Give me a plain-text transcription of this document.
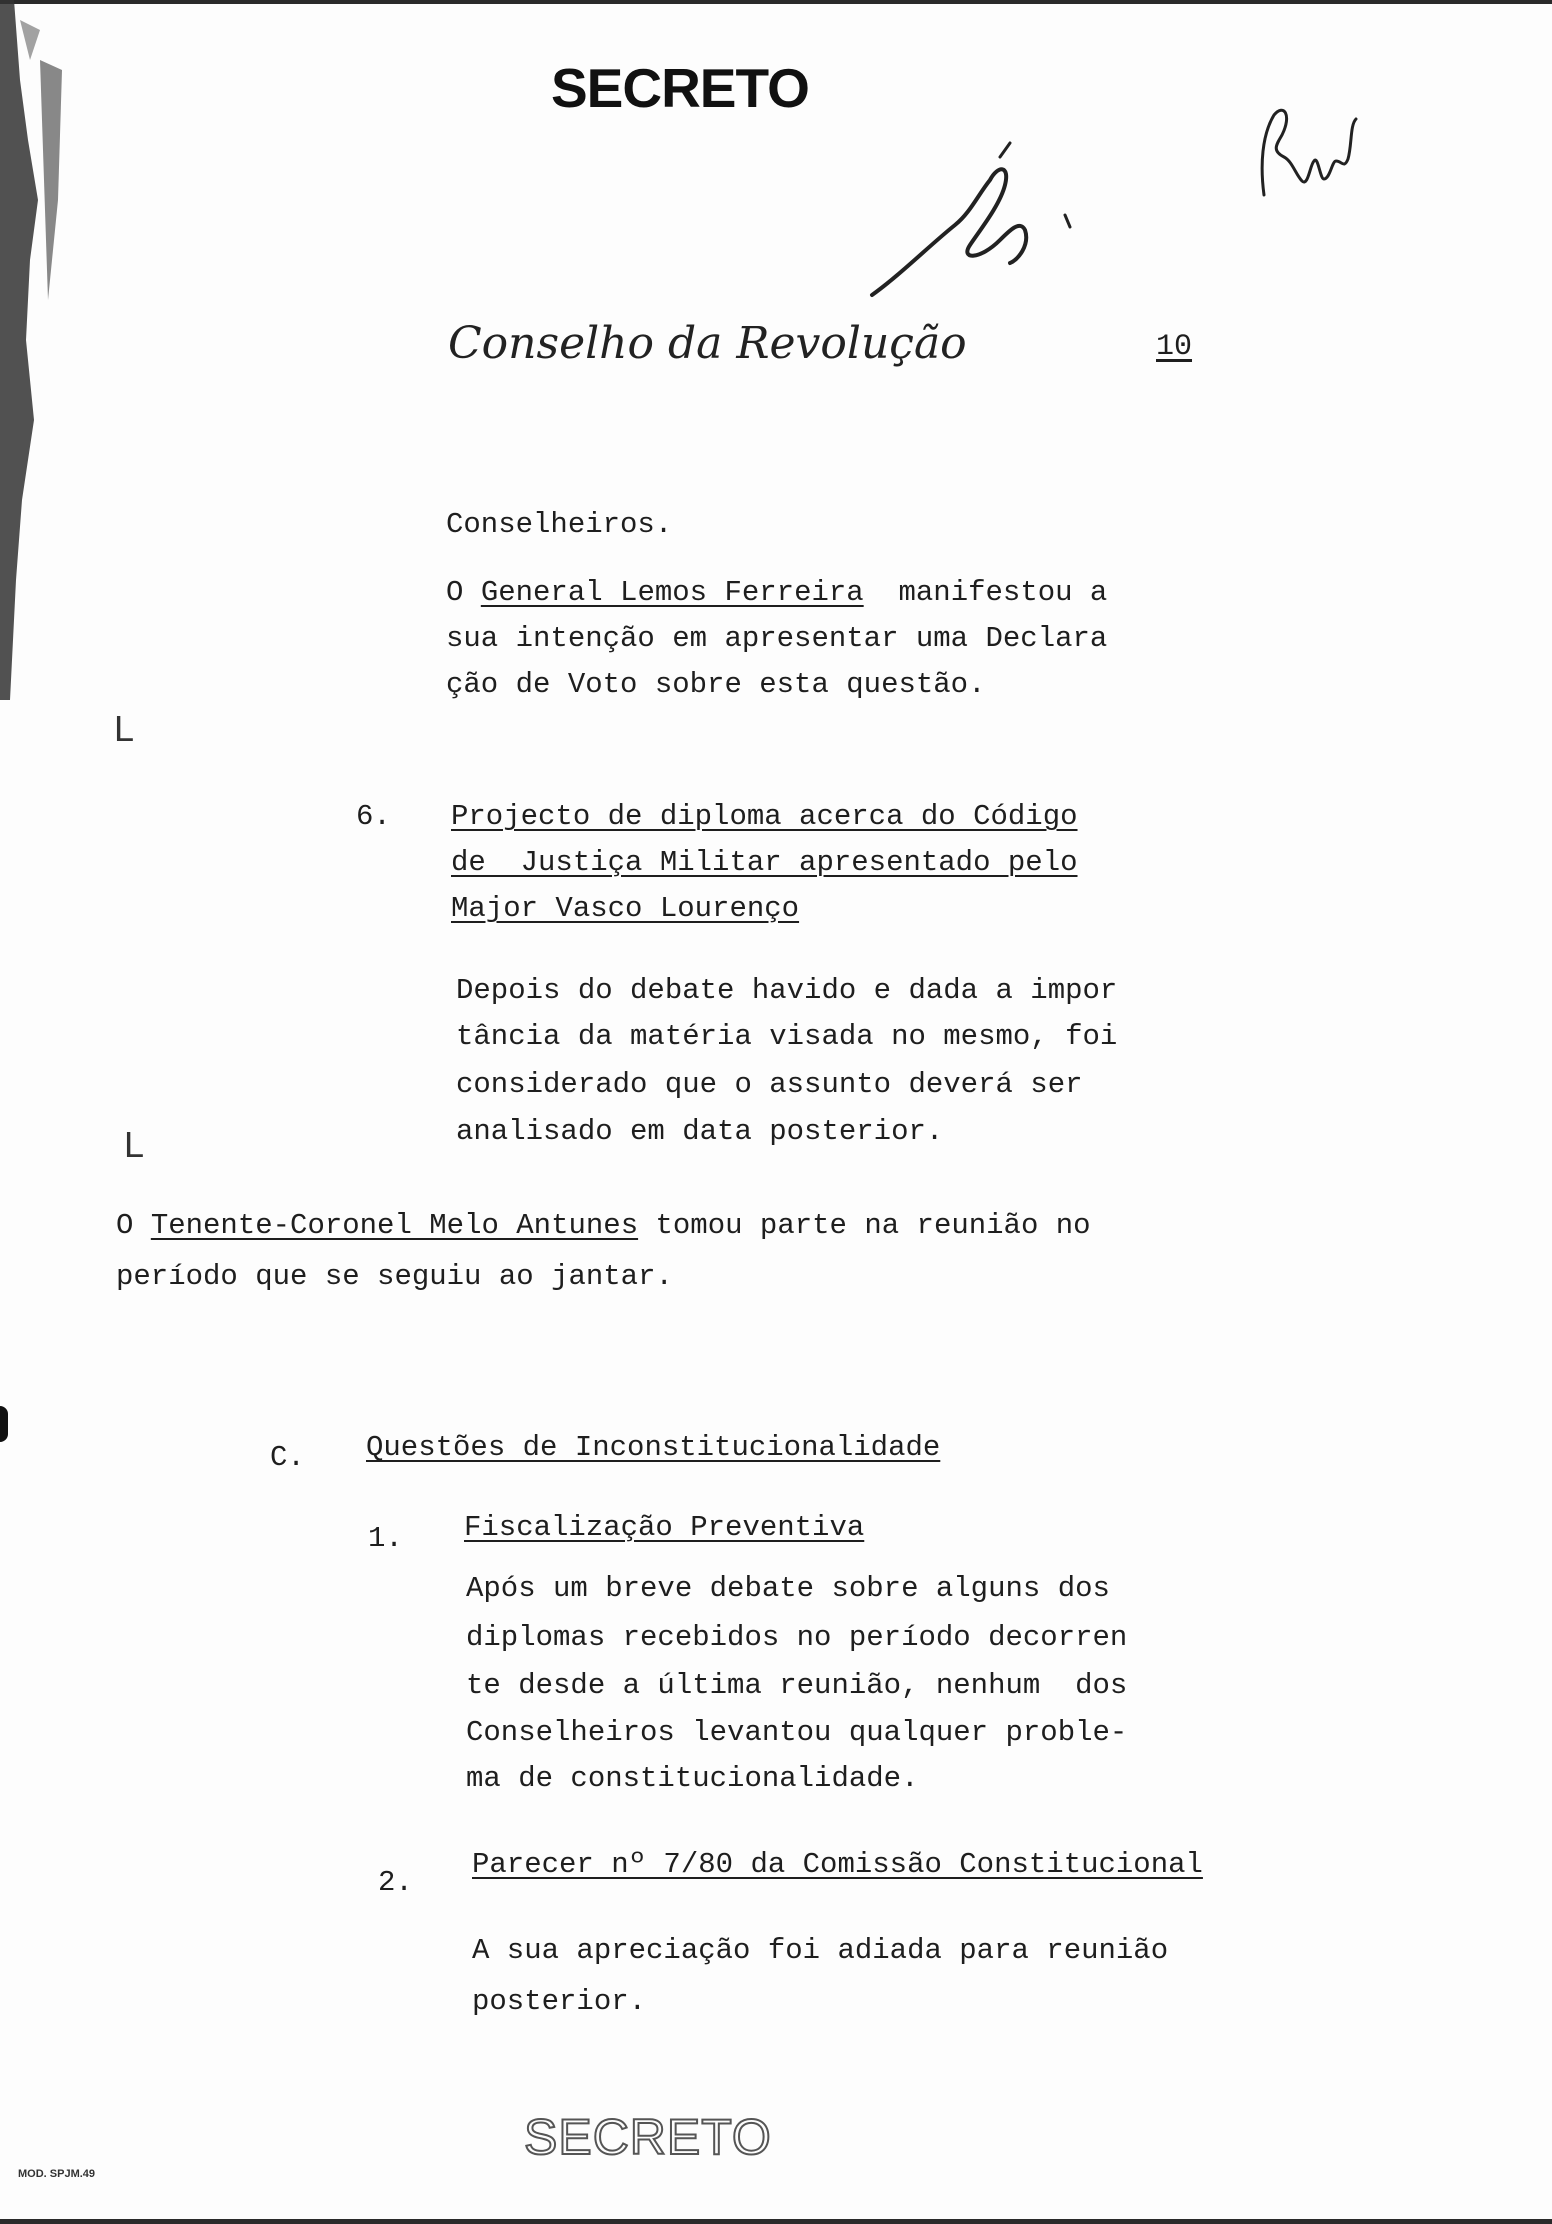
SECRETO
Conselho da Revolução	10
Conselheiros.
O General Lemos Ferreira  manifestou a
sua intenção em apresentar uma Declara
ção de Voto sobre esta questão.
L
6. Projecto de diploma acerca do Código
de  Justiça Militar apresentado pelo
Major Vasco Lourenço
Depois do debate havido e dada a impor
tância da matéria visada no mesmo, foi
considerado que o assunto deverá ser
analisado em data posterior.
L
O Tenente-Coronel Melo Antunes tomou parte na reunião no
período que se seguiu ao jantar.
C. Questões de Inconstitucionalidade
1. Fiscalização Preventiva
Após um breve debate sobre alguns dos
diplomas recebidos no período decorren
te desde a última reunião, nenhum  dos
Conselheiros levantou qualquer proble-
ma de constitucionalidade.
2.
Parecer nº 7/80 da Comissão Constitucional
A sua apreciação foi adiada para reunião
posterior.
SECRETO
MOD. SPJM.49
